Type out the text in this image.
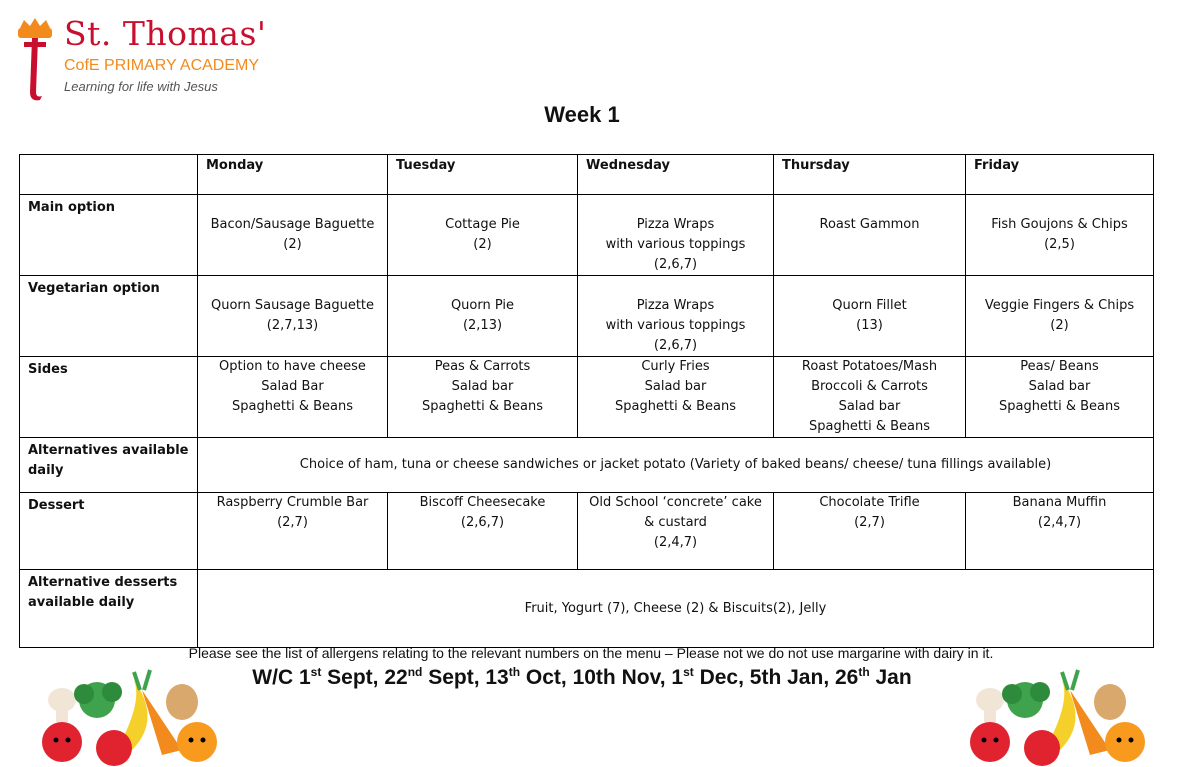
St. Thomas'
CofE PRIMARY ACADEMY
Learning for life with Jesus
Week 1
	Monday	Tuesday	Wednesday	Thursday	Friday
Main option	Bacon/Sausage Baguette
(2)	Cottage Pie
(2)	Pizza Wraps
with various toppings
(2,6,7)	Roast Gammon	Fish Goujons & Chips
(2,5)

Vegetarian option	Quorn Sausage Baguette
(2,7,13)	Quorn Pie
(2,13)	Pizza Wraps
with various toppings
(2,6,7)	Quorn Fillet
(13)	Veggie Fingers & Chips
(2)

Sides	Option to have cheese
Salad Bar
Spaghetti & Beans	Peas & Carrots
Salad bar
Spaghetti & Beans	Curly Fries
Salad bar
Spaghetti & Beans	Roast Potatoes/Mash
Broccoli & Carrots
Salad bar
Spaghetti & Beans	Peas/ Beans
Salad bar
Spaghetti & Beans

Alternatives available daily	Choice of ham, tuna or cheese sandwiches or jacket potato (Variety of baked beans/ cheese/ tuna fillings available)				
Dessert	Raspberry Crumble Bar
(2,7)	Biscoff Cheesecake
(2,6,7)	Old School ‘concrete’ cake
& custard
(2,4,7)	Chocolate Trifle
(2,7)	Banana Muffin
(2,4,7)

Alternative desserts available daily	Fruit, Yogurt (7), Cheese (2) & Biscuits(2), Jelly				
Please see the list of allergens relating to the relevant numbers on the menu – Please not we do not use margarine with dairy in it.
W/C 1st Sept, 22nd Sept, 13th Oct, 10th Nov, 1st Dec, 5th Jan, 26th Jan
